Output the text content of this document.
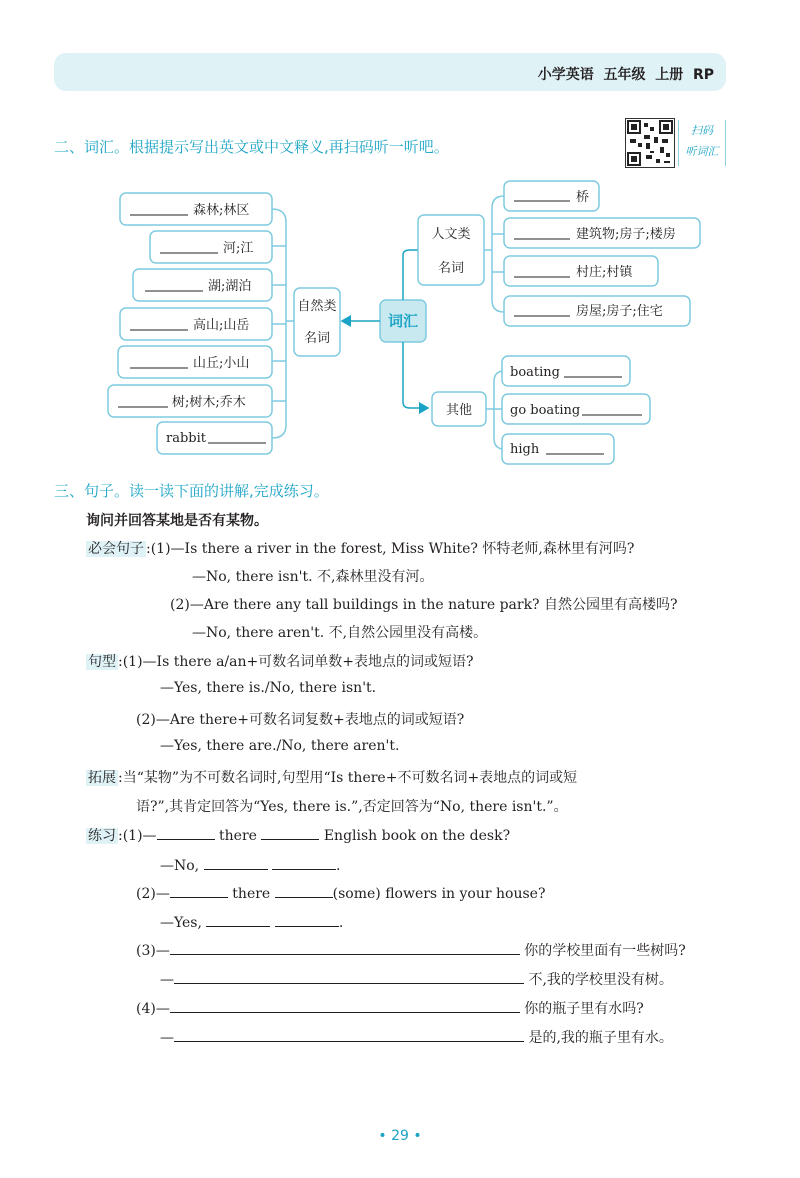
小学英语 五年级 上册 RP
二、词汇。根据提示写出英文或中文释义,再扫码听一听吧。
扫码
听词汇
词汇
自然类
名词
人文类
名词
其他
森林;林区
河;江
湖;湖泊
高山;山岳
山丘;小山
树;树木;乔木
rabbit
桥
建筑物;房子;楼房
村庄;村镇
房屋;房子;住宅
boating
go boating
high
三、句子。读一读下面的讲解,完成练习。
询问并回答某地是否有某物。
必会句子 :(1)—Is there a river in the forest, Miss White? 怀特老师,森林里有河吗?
—No, there isn't. 不,森林里没有河。
(2)—Are there any tall buildings in the nature park? 自然公园里有高楼吗?
—No, there aren't. 不,自然公园里没有高楼。
句型 :(1)—Is there a/an+可数名词单数+表地点的词或短语?
—Yes, there is./No, there isn't.
(2)—Are there+可数名词复数+表地点的词或短语?
—Yes, there are./No, there aren't.
拓展 :当“某物”为不可数名词时,句型用“Is there+不可数名词+表地点的词或短
语?”,其肯定回答为“Yes, there is.”,否定回答为“No, there isn't.”。
练习 :(1)—	there	English book on the desk?
—No,	.
(2)—	there	(some) flowers in your house?
—Yes,	.
(3)—	你的学校里面有一些树吗?
—	不,我的学校里没有树。
(4)—	你的瓶子里有水吗?
—	是的,我的瓶子里有水。
• 29 •
